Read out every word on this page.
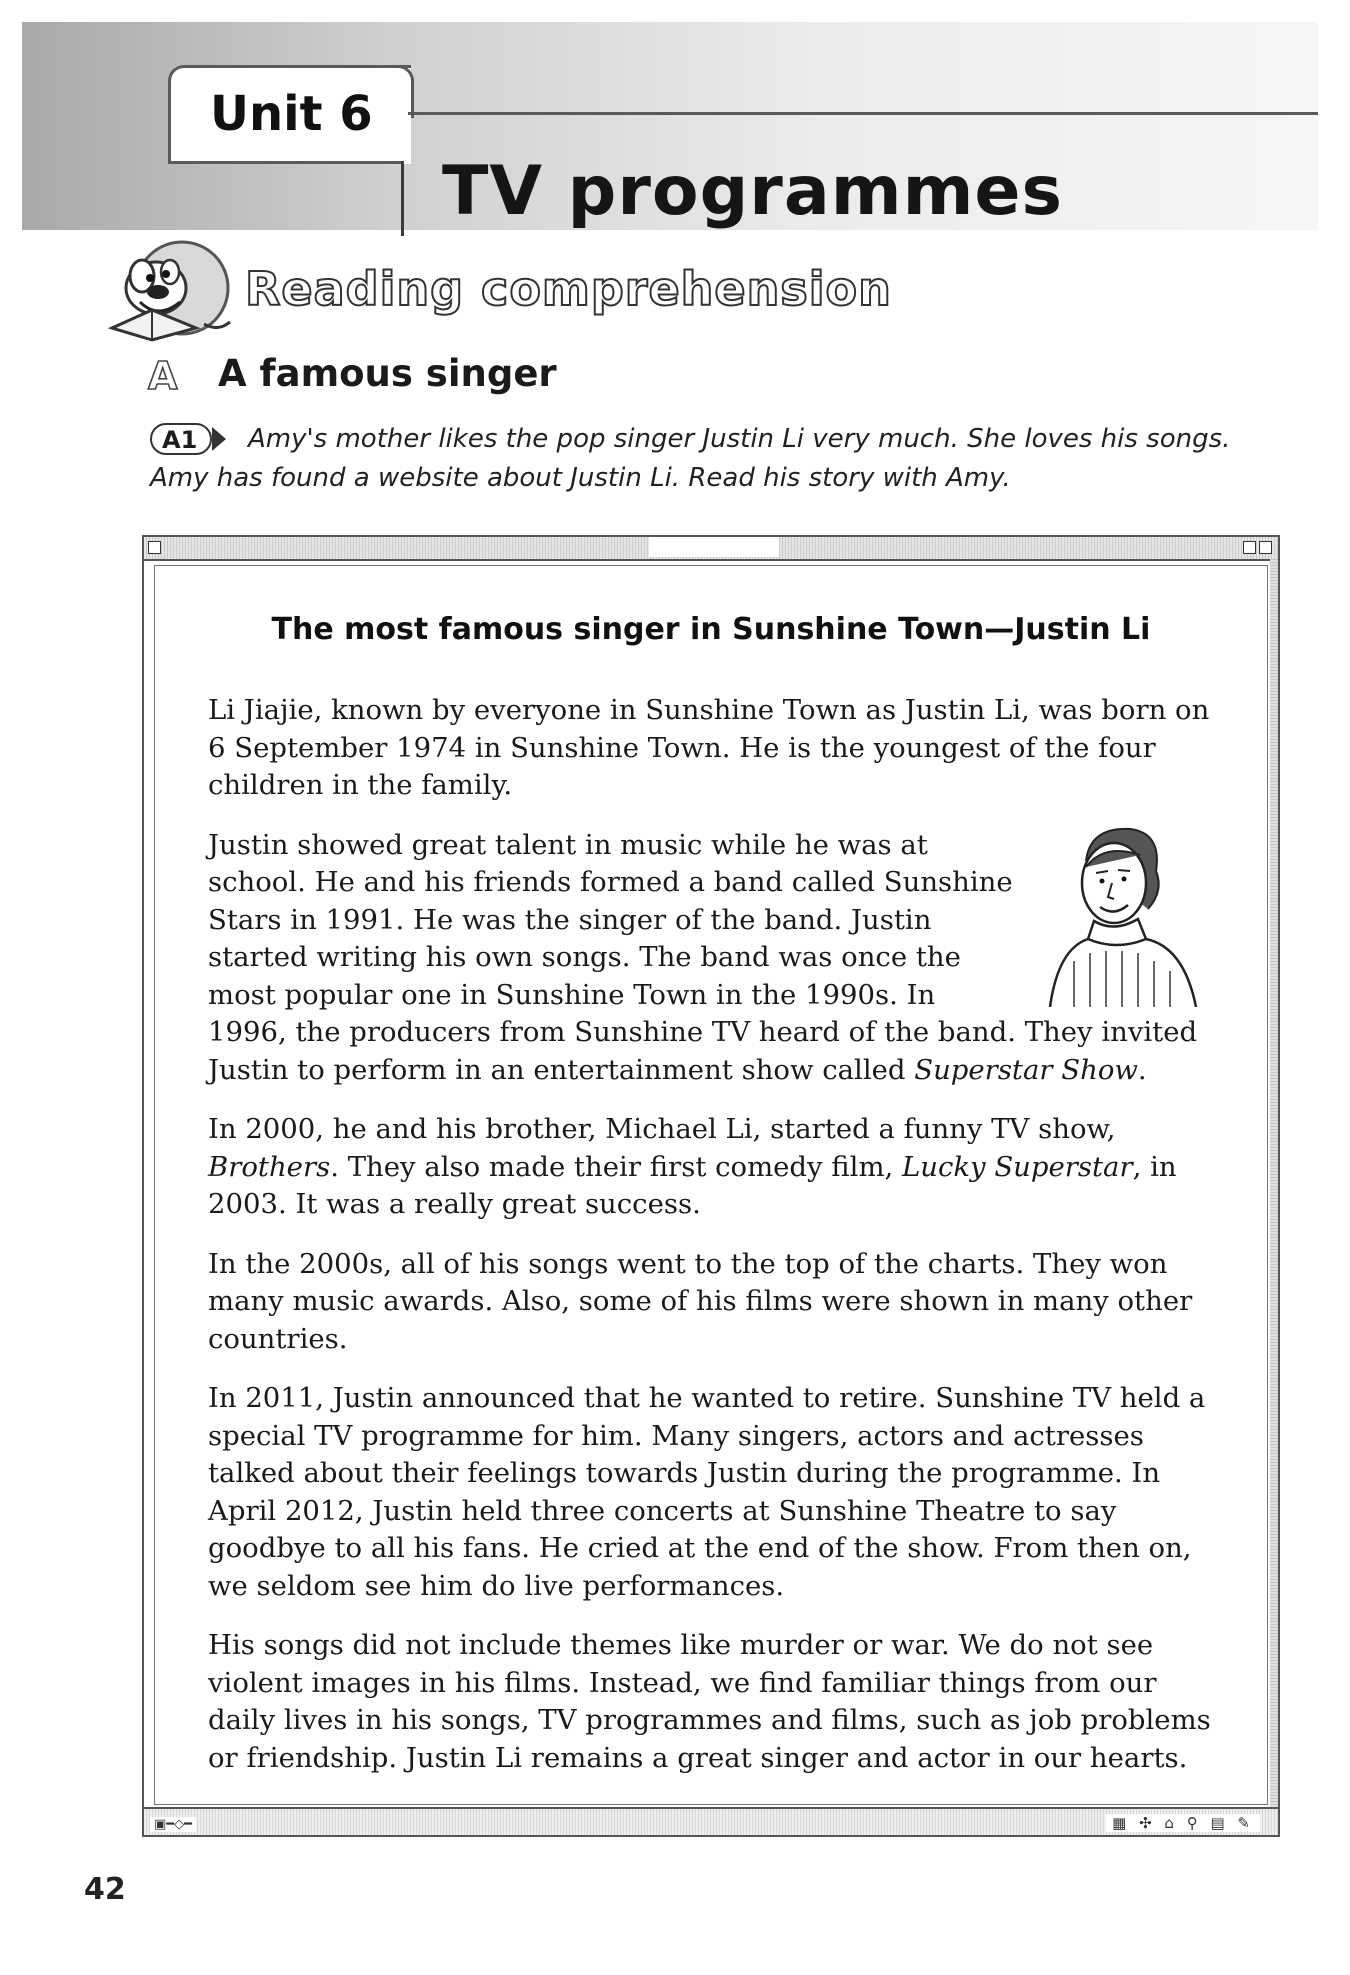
Unit 6
TV programmes
Reading comprehension
A A famous singer
Amy's mother likes the pop singer Justin Li very much. She loves his songs. Amy has found a website about Justin Li. Read his story with Amy.
A1
▣━◇━	▦ ✣ ⌂ ⚲ ▤ ✎
The most famous singer in Sunshine Town—Justin Li

Li Jiajie, known by everyone in Sunshine Town as Justin Li, was born on 6 September 1974 in Sunshine Town. He is the youngest of the four children in the family.

Justin showed great talent in music while he was at school. He and his friends formed a band called Sunshine Stars in 1991. He was the singer of the band. Justin started writing his own songs. The band was once the most popular one in Sunshine Town in the 1990s. In 1996, the producers from Sunshine TV heard of the band. They invited Justin to perform in an entertainment show called Superstar Show.

In 2000, he and his brother, Michael Li, started a funny TV show, Brothers. They also made their first comedy film, Lucky Superstar, in 2003. It was a really great success.

In the 2000s, all of his songs went to the top of the charts. They won many music awards. Also, some of his films were shown in many other countries.

In 2011, Justin announced that he wanted to retire. Sunshine TV held a special TV programme for him. Many singers, actors and actresses talked about their feelings towards Justin during the programme. In April 2012, Justin held three concerts at Sunshine Theatre to say goodbye to all his fans. He cried at the end of the show. From then on, we seldom see him do live performances.

His songs did not include themes like murder or war. We do not see violent images in his films. Instead, we find familiar things from our daily lives in his songs, TV programmes and films, such as job problems or friendship. Justin Li remains a great singer and actor in our hearts.

42
